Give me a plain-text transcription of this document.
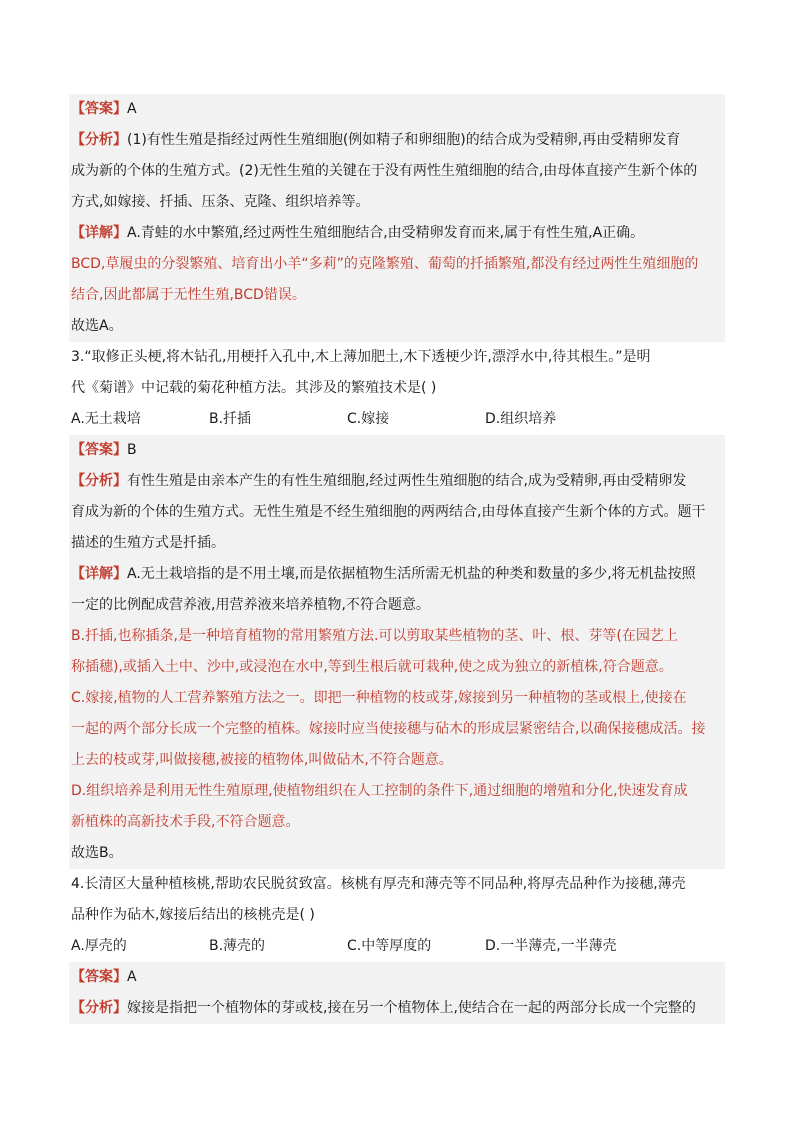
【答案】A
【分析】(1)有性生殖是指经过两性生殖细胞(例如精子和卵细胞)的结合成为受精卵,再由受精卵发育
成为新的个体的生殖方式。(2)无性生殖的关键在于没有两性生殖细胞的结合,由母体直接产生新个体的
方式,如嫁接、扦插、压条、克隆、组织培养等。
【详解】A.青蛙的水中繁殖,经过两性生殖细胞结合,由受精卵发育而来,属于有性生殖,A正确。
BCD,草履虫的分裂繁殖、培育出小羊“多莉”的克隆繁殖、葡萄的扦插繁殖,都没有经过两性生殖细胞的
结合,因此都属于无性生殖,BCD错误。
故选A。
3.“取修正头梗,将木钻孔,用梗扦入孔中,木上薄加肥土,木下透梗少许,漂浮水中,待其根生。”是明
代《菊谱》中记载的菊花种植方法。其涉及的繁殖技术是( )
A.无土栽培	B.扦插	C.嫁接	D.组织培养
【答案】B
【分析】有性生殖是由亲本产生的有性生殖细胞,经过两性生殖细胞的结合,成为受精卵,再由受精卵发
育成为新的个体的生殖方式。无性生殖是不经生殖细胞的两两结合,由母体直接产生新个体的方式。题干
描述的生殖方式是扦插。
【详解】A.无土栽培指的是不用土壤,而是依据植物生活所需无机盐的种类和数量的多少,将无机盐按照
一定的比例配成营养液,用营养液来培养植物,不符合题意。
B.扦插,也称插条,是一种培育植物的常用繁殖方法.可以剪取某些植物的茎、叶、根、芽等(在园艺上
称插穗),或插入土中、沙中,或浸泡在水中,等到生根后就可栽种,使之成为独立的新植株,符合题意。
C.嫁接,植物的人工营养繁殖方法之一。即把一种植物的枝或芽,嫁接到另一种植物的茎或根上,使接在
一起的两个部分长成一个完整的植株。嫁接时应当使接穗与砧木的形成层紧密结合,以确保接穗成活。接
上去的枝或芽,叫做接穗,被接的植物体,叫做砧木,不符合题意。
D.组织培养是利用无性生殖原理,使植物组织在人工控制的条件下,通过细胞的增殖和分化,快速发育成
新植株的高新技术手段,不符合题意。
故选B。
4.长清区大量种植核桃,帮助农民脱贫致富。核桃有厚壳和薄壳等不同品种,将厚壳品种作为接穗,薄壳
品种作为砧木,嫁接后结出的核桃壳是( )
A.厚壳的	B.薄壳的	C.中等厚度的	D.一半薄壳,一半薄壳
【答案】A
【分析】嫁接是指把一个植物体的芽或枝,接在另一个植物体上,使结合在一起的两部分长成一个完整的
